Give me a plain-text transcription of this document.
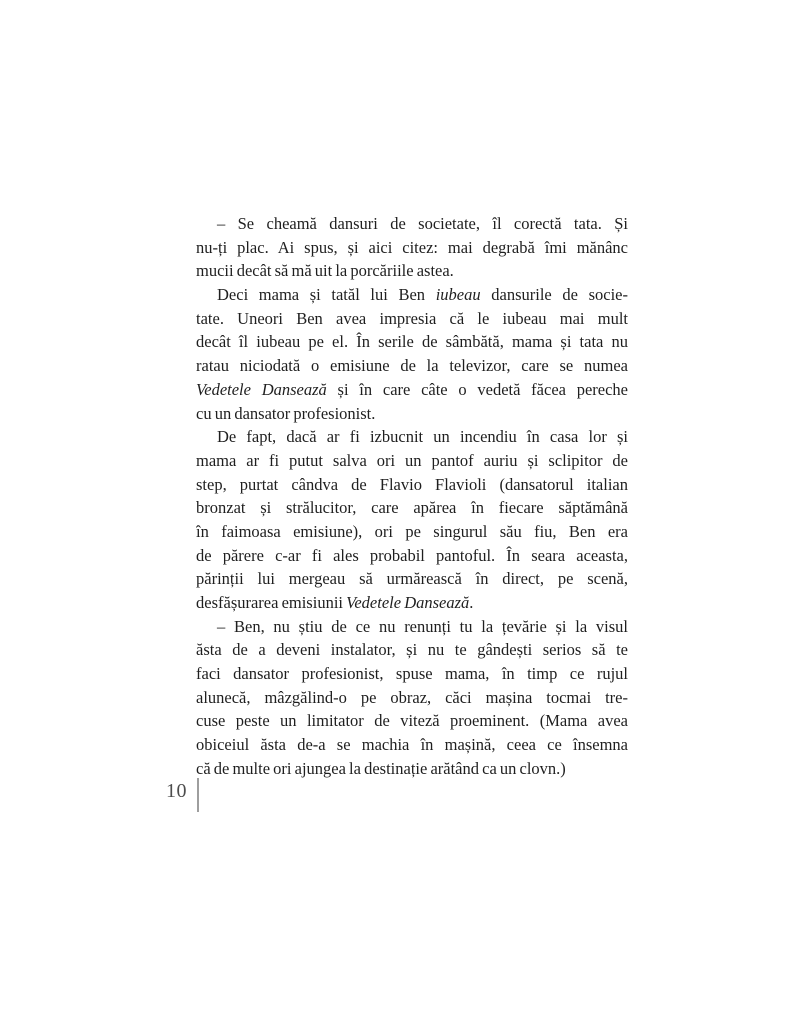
– Se cheamă dansuri de societate, îl corectă tata. Și
nu-ți plac. Ai spus, și aici citez: mai degrabă îmi mănânc
mucii decât să mă uit la porcăriile astea.
Deci mama și tatăl lui Ben iubeau dansurile de socie-
tate. Uneori Ben avea impresia că le iubeau mai mult
decât îl iubeau pe el. În serile de sâmbătă, mama și tata nu
ratau niciodată o emisiune de la televizor, care se numea
Vedetele Dansează și în care câte o vedetă făcea pereche
cu un dansator profesionist.
De fapt, dacă ar fi izbucnit un incendiu în casa lor și
mama ar fi putut salva ori un pantof auriu și sclipitor de
step, purtat cândva de Flavio Flavioli (dansatorul italian
bronzat și strălucitor, care apărea în fiecare săptămână
în faimoasa emisiune), ori pe singurul său fiu, Ben era
de părere c-ar fi ales probabil pantoful. În seara aceasta,
părinții lui mergeau să urmărească în direct, pe scenă,
desfășurarea emisiunii Vedetele Dansează.
– Ben, nu știu de ce nu renunți tu la țevărie și la visul
ăsta de a deveni instalator, și nu te gândești serios să te
faci dansator profesionist, spuse mama, în timp ce rujul
alunecă, mâzgălind-o pe obraz, căci mașina tocmai tre-
cuse peste un limitator de viteză proeminent. (Mama avea
obiceiul ăsta de-a se machia în mașină, ceea ce însemna
că de multe ori ajungea la destinație arătând ca un clovn.)
10
